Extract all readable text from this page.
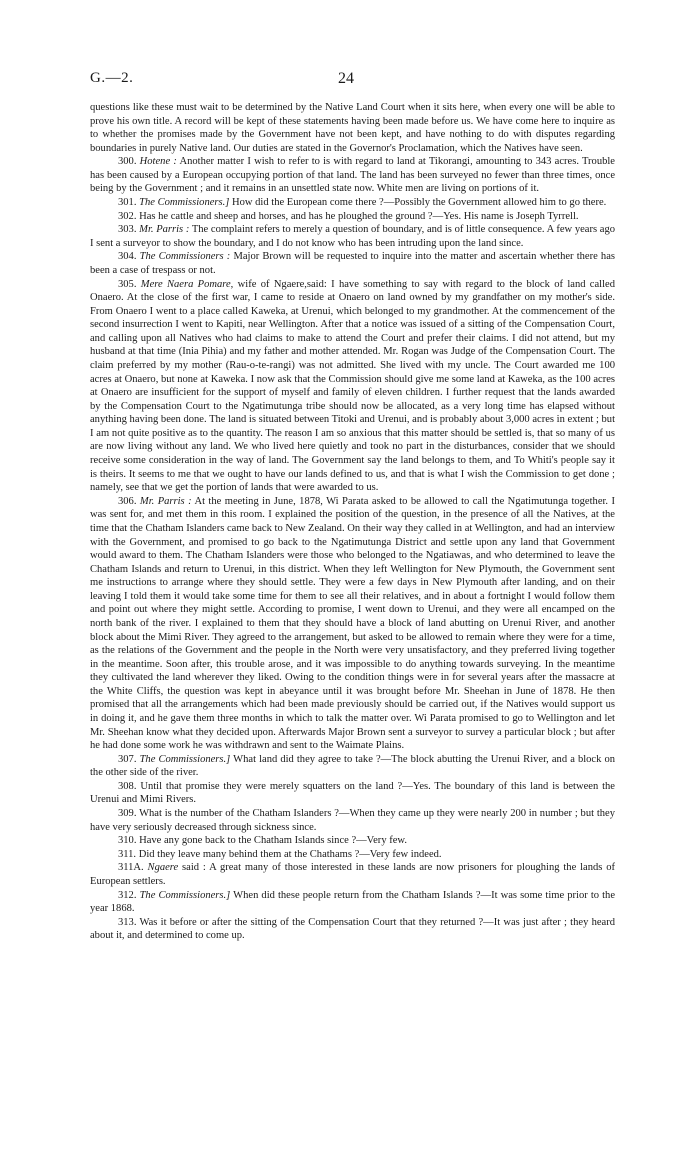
G.—2.	24

questions like these must wait to be determined by the Native Land Court when it sits here, when every one will be able to prove his own title. A record will be kept of these statements having been made before us. We have come here to inquire as to whether the promises made by the Government have not been kept, and have nothing to do with disputes regarding boundaries in purely Native land. Our duties are stated in the Governor's Proclamation, which the Natives have seen.

300. Hotene : Another matter I wish to refer to is with regard to land at Tikorangi, amounting to 343 acres. Trouble has been caused by a European occupying portion of that land. The land has been surveyed no fewer than three times, once being by the Government ; and it remains in an unsettled state now. White men are living on portions of it.

301. The Commissioners.] How did the European come there ?—Possibly the Government allowed him to go there.

302. Has he cattle and sheep and horses, and has he ploughed the ground ?—Yes. His name is Joseph Tyrrell.

303. Mr. Parris : The complaint refers to merely a question of boundary, and is of little consequence. A few years ago I sent a surveyor to show the boundary, and I do not know who has been intruding upon the land since.

304. The Commissioners : Major Brown will be requested to inquire into the matter and ascertain whether there has been a case of trespass or not.

305. Mere Naera Pomare, wife of Ngaere,said: I have something to say with regard to the block of land called Onaero. At the close of the first war, I came to reside at Onaero on land owned by my grandfather on my mother's side. From Onaero I went to a place called Kaweka, at Urenui, which belonged to my grandmother. At the commencement of the second insurrection I went to Kapiti, near Wellington. After that a notice was issued of a sitting of the Compensation Court, and calling upon all Natives who had claims to make to attend the Court and prefer their claims. I did not attend, but my husband at that time (Inia Pihia) and my father and mother attended. Mr. Rogan was Judge of the Compensation Court. The claim preferred by my mother (Rau-o-te-rangi) was not admitted. She lived with my uncle. The Court awarded me 100 acres at Onaero, but none at Kaweka. I now ask that the Commission should give me some land at Kaweka, as the 100 acres at Onaero are insufficient for the support of myself and family of eleven children. I further request that the lands awarded by the Compensation Court to the Ngatimutunga tribe should now be allocated, as a very long time has elapsed without anything having been done. The land is situated between Titoki and Urenui, and is probably about 3,000 acres in extent ; but I am not quite positive as to the quantity. The reason I am so anxious that this matter should be settled is, that so many of us are now living without any land. We who lived here quietly and took no part in the disturbances, consider that we should receive some consideration in the way of land. The Government say the land belongs to them, and To Whiti's people say it is theirs. It seems to me that we ought to have our lands defined to us, and that is what I wish the Commission to get done ; namely, see that we get the portion of lands that were awarded to us.

306. Mr. Parris : At the meeting in June, 1878, Wi Parata asked to be allowed to call the Ngatimutunga together. I was sent for, and met them in this room. I explained the position of the question, in the presence of all the Natives, at the time that the Chatham Islanders came back to New Zealand. On their way they called in at Wellington, and had an interview with the Government, and promised to go back to the Ngatimutunga District and settle upon any land that Government would award to them. The Chatham Islanders were those who belonged to the Ngatiawas, and who determined to leave the Chatham Islands and return to Urenui, in this district. When they left Wellington for New Plymouth, the Government sent me instructions to arrange where they should settle. They were a few days in New Plymouth after landing, and on their leaving I told them it would take some time for them to see all their relatives, and in about a fortnight I would follow them and point out where they might settle. According to promise, I went down to Urenui, and they were all encamped on the north bank of the river. I explained to them that they should have a block of land abutting on Urenui River, and another block about the Mimi River. They agreed to the arrangement, but asked to be allowed to remain where they were for a time, as the relations of the Government and the people in the North were very unsatisfactory, and they preferred living together in the meantime. Soon after, this trouble arose, and it was impossible to do anything towards surveying. In the meantime they cultivated the land wherever they liked. Owing to the condition things were in for several years after the massacre at the White Cliffs, the question was kept in abeyance until it was brought before Mr. Sheehan in June of 1878. He then promised that all the arrangements which had been made previously should be carried out, if the Natives would support us in doing it, and he gave them three months in which to talk the matter over. Wi Parata promised to go to Wellington and let Mr. Sheehan know what they decided upon. Afterwards Major Brown sent a surveyor to survey a particular block ; but after he had done some work he was withdrawn and sent to the Waimate Plains.

307. The Commissioners.] What land did they agree to take ?—The block abutting the Urenui River, and a block on the other side of the river.

308. Until that promise they were merely squatters on the land ?—Yes. The boundary of this land is between the Urenui and Mimi Rivers.

309. What is the number of the Chatham Islanders ?—When they came up they were nearly 200 in number ; but they have very seriously decreased through sickness since.

310. Have any gone back to the Chatham Islands since ?—Very few.

311. Did they leave many behind them at the Chathams ?—Very few indeed.

311A. Ngaere said : A great many of those interested in these lands are now prisoners for ploughing the lands of European settlers.

312. The Commissioners.] When did these people return from the Chatham Islands ?—It was some time prior to the year 1868.

313. Was it before or after the sitting of the Compensation Court that they returned ?—It was just after ; they heard about it, and determined to come up.
